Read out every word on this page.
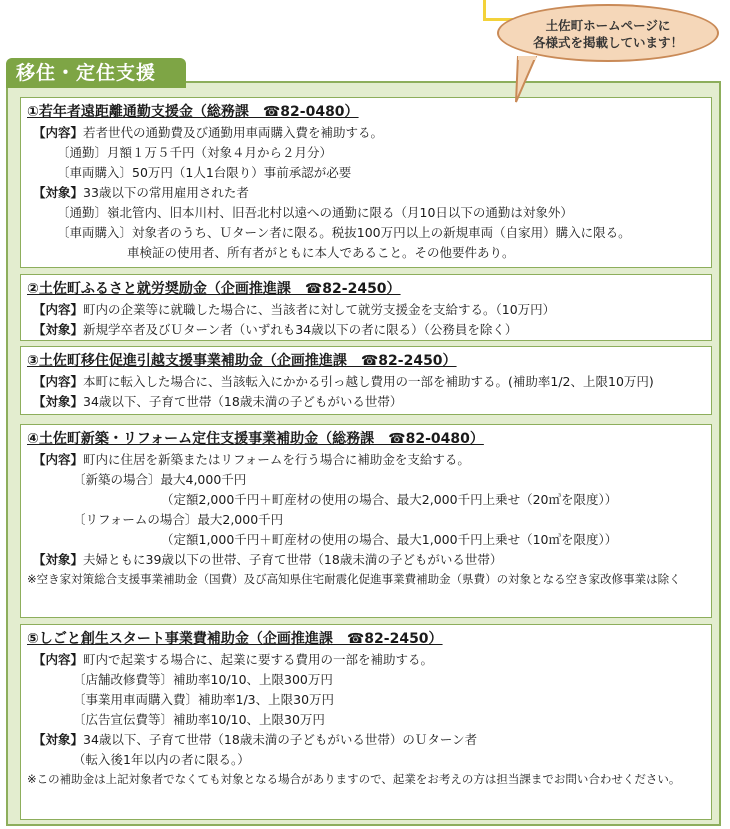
土佐町ホームページに
各様式を掲載しています！
移住・定住支援
①若年者遠距離通勤支援金（総務課　☎82-0480）
【内容】若者世代の通勤費及び通勤用車両購入費を補助する。
〔通勤〕月額１万５千円（対象４月から２月分）
〔車両購入〕50万円（1人1台限り）事前承認が必要
【対象】33歳以下の常用雇用された者
〔通勤〕嶺北管内、旧本川村、旧吾北村以遠への通勤に限る（月10日以下の通勤は対象外）
〔車両購入〕対象者のうち、Ｕターン者に限る。税抜100万円以上の新規車両（自家用）購入に限る。
車検証の使用者、所有者がともに本人であること。その他要件あり。
②土佐町ふるさと就労奨励金（企画推進課　☎82-2450）
【内容】町内の企業等に就職した場合に、当該者に対して就労支援金を支給する。（10万円）
【対象】新規学卒者及びＵターン者（いずれも34歳以下の者に限る）（公務員を除く）
③土佐町移住促進引越支援事業補助金（企画推進課　☎82-2450）
【内容】本町に転入した場合に、当該転入にかかる引っ越し費用の一部を補助する。(補助率1/2、上限10万円)
【対象】34歳以下、子育て世帯（18歳未満の子どもがいる世帯）
④土佐町新築・リフォーム定住支援事業補助金（総務課　☎82-0480）
【内容】町内に住居を新築またはリフォームを行う場合に補助金を支給する。
〔新築の場合〕最大4,000千円
（定額2,000千円＋町産材の使用の場合、最大2,000千円上乗せ（20㎥を限度））
〔リフォームの場合〕最大2,000千円
（定額1,000千円＋町産材の使用の場合、最大1,000千円上乗せ（10㎥を限度））
【対象】夫婦ともに39歳以下の世帯、子育て世帯（18歳未満の子どもがいる世帯）
※空き家対策総合支援事業補助金（国費）及び高知県住宅耐震化促進事業費補助金（県費）の対象となる空き家改修事業は除く
⑤しごと創生スタート事業費補助金（企画推進課　☎82-2450）
【内容】町内で起業する場合に、起業に要する費用の一部を補助する。
〔店舗改修費等〕補助率10/10、上限300万円
〔事業用車両購入費〕補助率1/3、上限30万円
〔広告宣伝費等〕補助率10/10、上限30万円
【対象】34歳以下、子育て世帯（18歳未満の子どもがいる世帯）のＵターン者
（転入後1年以内の者に限る。）
※この補助金は上記対象者でなくても対象となる場合がありますので、起業をお考えの方は担当課までお問い合わせください。
